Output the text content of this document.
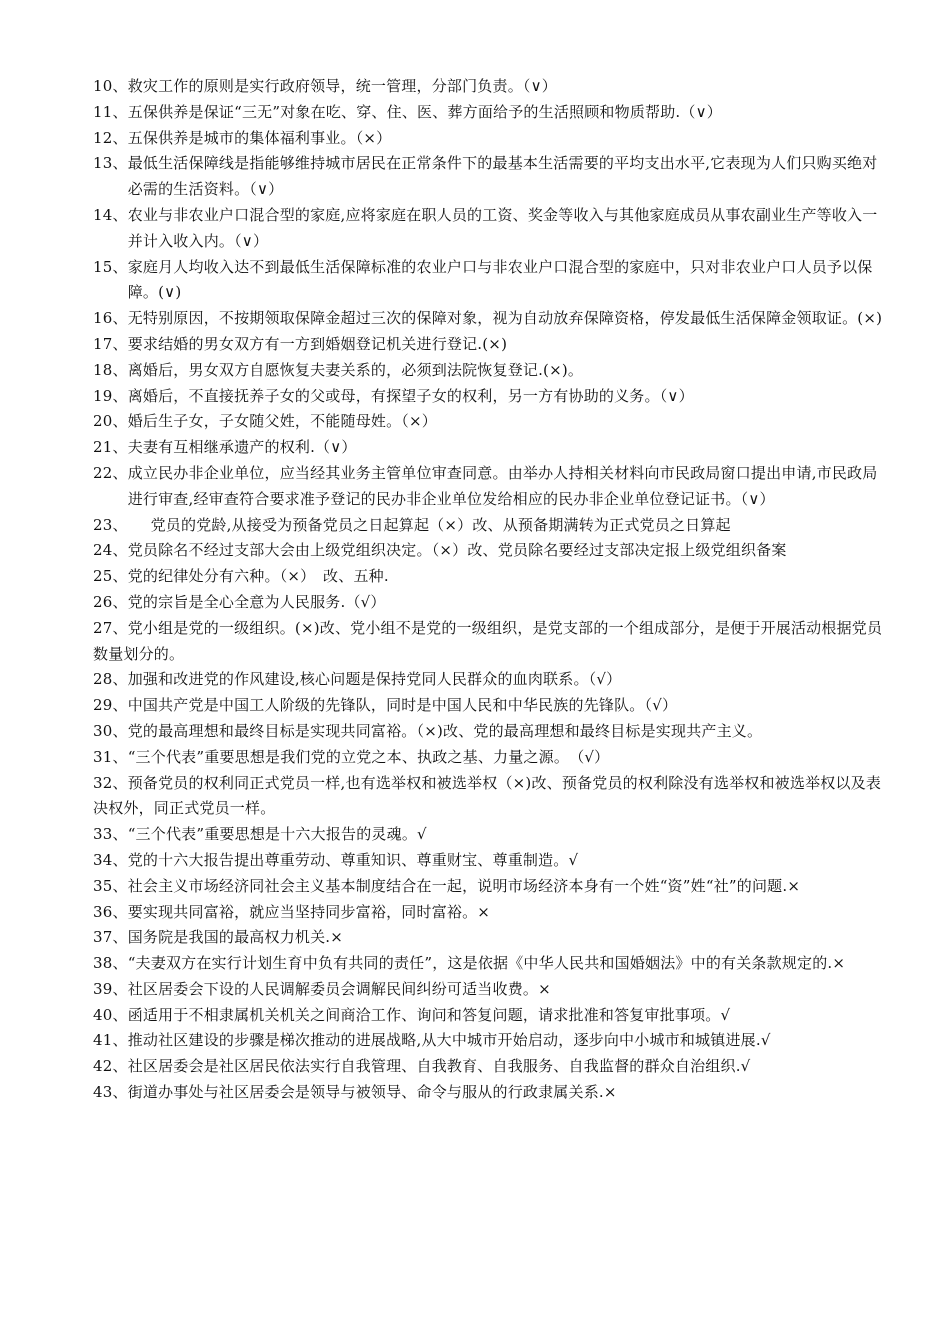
10、救灾工作的原则是实行政府领导，统一管理，分部门负责。（∨）
11、五保供养是保证“三无”对象在吃、穿、住、医、葬方面给予的生活照顾和物质帮助.（∨）
12、五保供养是城市的集体福利事业。（×）
13、最低生活保障线是指能够维持城市居民在正常条件下的最基本生活需要的平均支出水平,它表现为人们只购买绝对必需的生活资料。（∨）
14、农业与非农业户口混合型的家庭,应将家庭在职人员的工资、奖金等收入与其他家庭成员从事农副业生产等收入一并计入收入内。（∨）
15、家庭月人均收入达不到最低生活保障标准的农业户口与非农业户口混合型的家庭中，只对非农业户口人员予以保障。(∨)
16、无特别原因，不按期领取保障金超过三次的保障对象，视为自动放弃保障资格，停发最低生活保障金领取证。(×)
17、要求结婚的男女双方有一方到婚姻登记机关进行登记.(×)
18、离婚后，男女双方自愿恢复夫妻关系的，必须到法院恢复登记.(×)。
19、离婚后，不直接抚养子女的父或母，有探望子女的权利，另一方有协助的义务。（∨）
20、婚后生子女，子女随父姓，不能随母姓。（×）
21、夫妻有互相继承遗产的权利.（∨）
22、成立民办非企业单位，应当经其业务主管单位审查同意。由举办人持相关材料向市民政局窗口提出申请,市民政局进行审查,经审查符合要求准予登记的民办非企业单位发给相应的民办非企业单位登记证书。（∨）
23、　　党员的党龄,从接受为预备党员之日起算起（×）改、从预备期满转为正式党员之日算起
24、党员除名不经过支部大会由上级党组织决定。（×）改、党员除名要经过支部决定报上级党组织备案
25、党的纪律处分有六种。（×）　改、五种.
26、党的宗旨是全心全意为人民服务.（√）
27、党小组是党的一级组织。(×)改、党小组不是党的一级组织，是党支部的一个组成部分，是便于开展活动根据党员数量划分的。
28、加强和改进党的作风建设,核心问题是保持党同人民群众的血肉联系。（√）
29、中国共产党是中国工人阶级的先锋队，同时是中国人民和中华民族的先锋队。（√）
30、党的最高理想和最终目标是实现共同富裕。（×)改、党的最高理想和最终目标是实现共产主义。
31、“三个代表”重要思想是我们党的立党之本、执政之基、力量之源。　（√）
32、预备党员的权利同正式党员一样,也有选举权和被选举权（×)改、预备党员的权利除没有选举权和被选举权以及表决权外，同正式党员一样。
33、“三个代表”重要思想是十六大报告的灵魂。√
34、党的十六大报告提出尊重劳动、尊重知识、尊重财宝、尊重制造。√
35、社会主义市场经济同社会主义基本制度结合在一起，说明市场经济本身有一个姓“资”姓“社”的问题.×
36、要实现共同富裕，就应当坚持同步富裕，同时富裕。×
37、国务院是我国的最高权力机关.×
38、“夫妻双方在实行计划生育中负有共同的责任”，这是依据《中华人民共和国婚姻法》中的有关条款规定的.×
39、社区居委会下设的人民调解委员会调解民间纠纷可适当收费。×
40、函适用于不相隶属机关机关之间商洽工作、询问和答复问题，请求批准和答复审批事项。√
41、推动社区建设的步骤是梯次推动的进展战略,从大中城市开始启动，逐步向中小城市和城镇进展.√
42、社区居委会是社区居民依法实行自我管理、自我教育、自我服务、自我监督的群众自治组织.√
43、街道办事处与社区居委会是领导与被领导、命令与服从的行政隶属关系.×
